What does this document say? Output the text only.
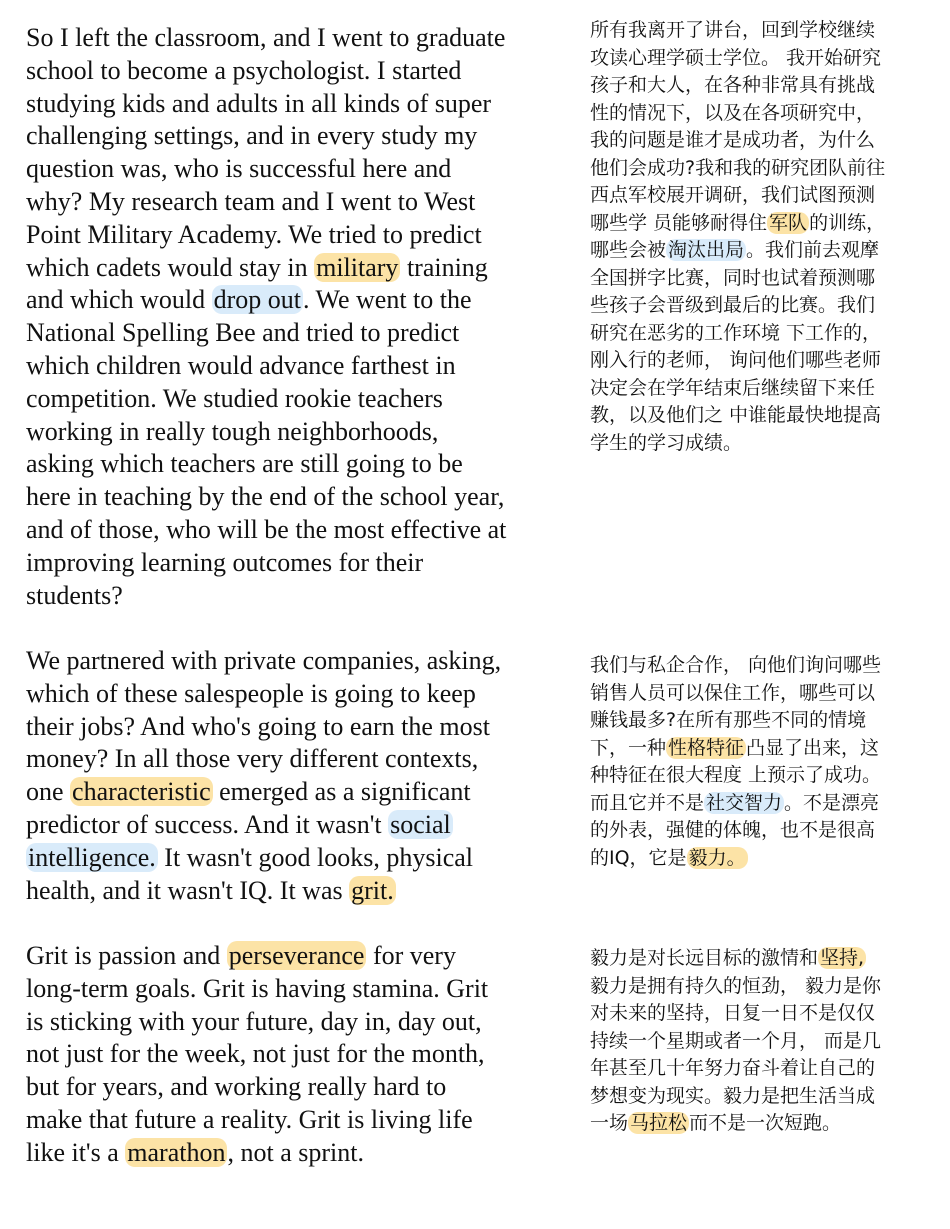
So I left the classroom, and I went to graduate
school to become a psychologist. I started
studying kids and adults in all kinds of super
challenging settings, and in every study my
question was, who is successful here and
why? My research team and I went to West
Point Military Academy. We tried to predict
which cadets would stay in military training
and which would drop out. We went to the
National Spelling Bee and tried to predict
which children would advance farthest in
competition. We studied rookie teachers
working in really tough neighborhoods,
asking which teachers are still going to be
here in teaching by the end of the school year,
and of those, who will be the most effective at
improving learning outcomes for their
students?
We partnered with private companies, asking,
which of these salespeople is going to keep
their jobs? And who's going to earn the most
money? In all those very different contexts,
one characteristic emerged as a significant
predictor of success. And it wasn't social
intelligence. It wasn't good looks, physical
health, and it wasn't IQ. It was grit.
Grit is passion and perseverance for very
long-term goals. Grit is having stamina. Grit
is sticking with your future, day in, day out,
not just for the week, not just for the month,
but for years, and working really hard to
make that future a reality. Grit is living life
like it's a marathon, not a sprint.
所有我离开了讲台，回到学校继续
攻读心理学硕士学位。 我开始研究
孩子和大人，在各种非常具有挑战
性的情况下，以及在各项研究中，
我的问题是谁才是成功者，为什么
他们会成功?我和我的研究团队前往
西点军校展开调研，我们试图预测
哪些学 员能够耐得住 军队 的训练，
哪些会被 淘汰出局 。我们前去观摩
全国拼字比赛，同时也试着预测哪
些孩子会晋级到最后的比赛。我们
研究在恶劣的工作环境 下工作的，
刚入行的老师， 询问他们哪些老师
决定会在学年结束后继续留下来任
教，以及他们之 中谁能最快地提高
学生的学习成绩。
我们与私企合作， 向他们询问哪些
销售人员可以保住工作，哪些可以
赚钱最多?在所有那些不同的情境
下，一种 性格特征 凸显了出来，这
种特征在很大程度 上预示了成功。
而且它并不是 社交智力 。不是漂亮
的外表，强健的体魄，也不是很高
的IQ，它是 毅力。
毅力是对长远目标的激情和 坚持,
毅力是拥有持久的恒劲， 毅力是你
对未来的坚持，日复一日不是仅仅
持续一个星期或者一个月， 而是几
年甚至几十年努力奋斗着让自己的
梦想变为现实。毅力是把生活当成
一场 马拉松 而不是一次短跑。
